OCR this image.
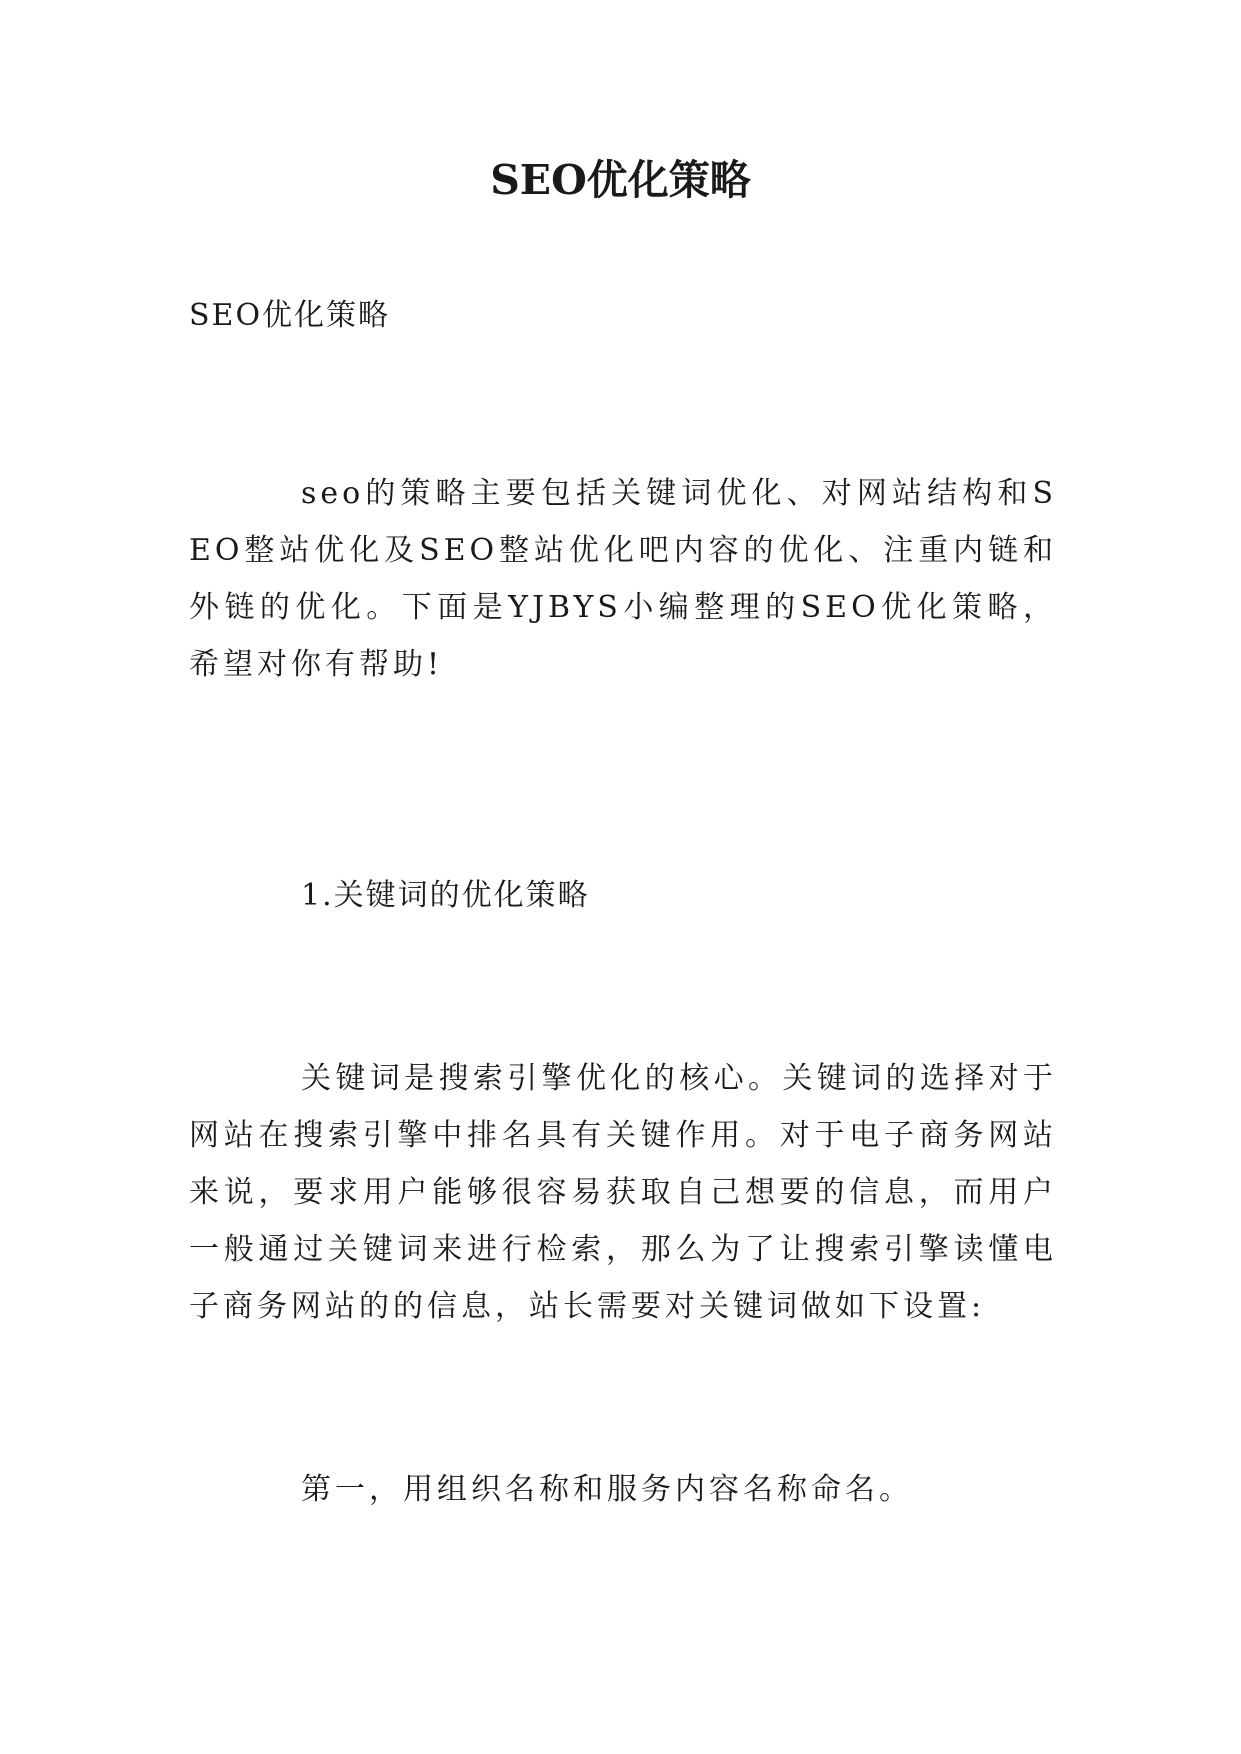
SEO优化策略
SEO优化策略
seo的策略主要包括关键词优化、对网站结构和SEO整站优化及SEO整站优化吧内容的优化、注重内链和外链的优化。下面是YJBYS小编整理的SEO优化策略，希望对你有帮助!
1.关键词的优化策略
关键词是搜索引擎优化的核心。关键词的选择对于网站在搜索引擎中排名具有关键作用。对于电子商务网站来说，要求用户能够很容易获取自己想要的信息，而用户一般通过关键词来进行检索，那么为了让搜索引擎读懂电子商务网站的的信息，站长需要对关键词做如下设置:
第一，用组织名称和服务内容名称命名。
